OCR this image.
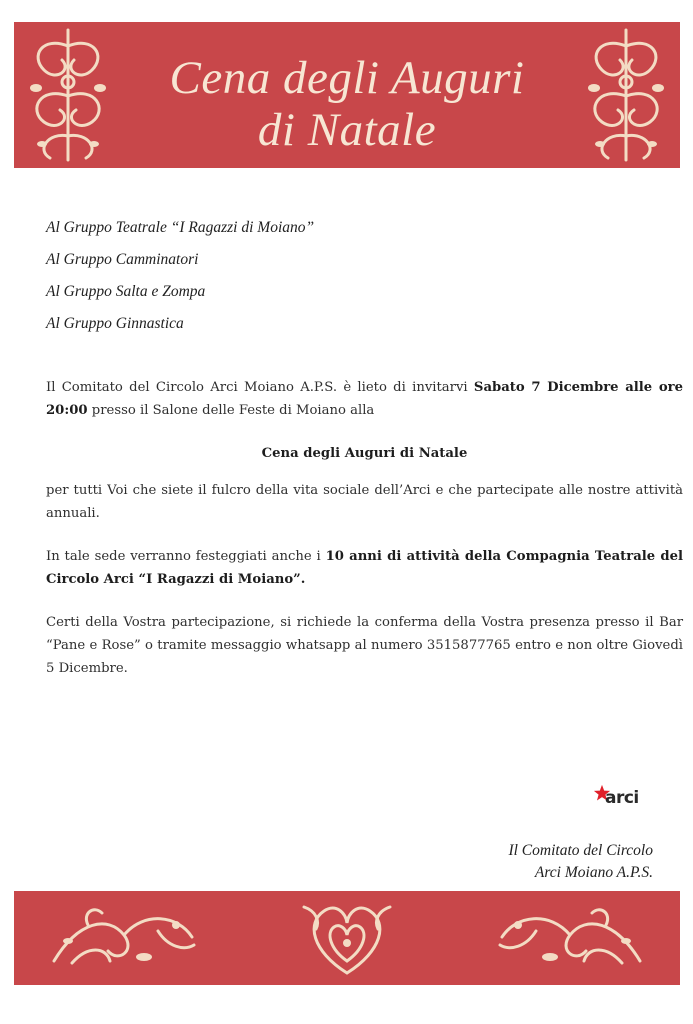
Cena degli Auguri
di Natale
Al Gruppo Teatrale “I Ragazzi di Moiano”
Al Gruppo Camminatori
Al Gruppo Salta e Zompa
Al Gruppo Ginnastica

Il Comitato del Circolo Arci Moiano A.P.S. è lieto di invitarvi Sabato 7 Dicembre alle ore 20:00 presso il Salone delle Feste di Moiano alla

Cena degli Auguri di Natale

per tutti Voi che siete il fulcro della vita sociale dell’Arci e che partecipate alle nostre attività annuali.

In tale sede verranno festeggiati anche i 10 anni di attività della Compagnia Teatrale del Circolo Arci “I Ragazzi di Moiano”.

Certi della Vostra partecipazione, si richiede la conferma della Vostra presenza presso il Bar “Pane e Rose” o tramite messaggio whatsapp al numero 3515877765 entro e non oltre Giovedì 5 Dicembre.

arci
Il Comitato del Circolo
Arci Moiano A.P.S.
